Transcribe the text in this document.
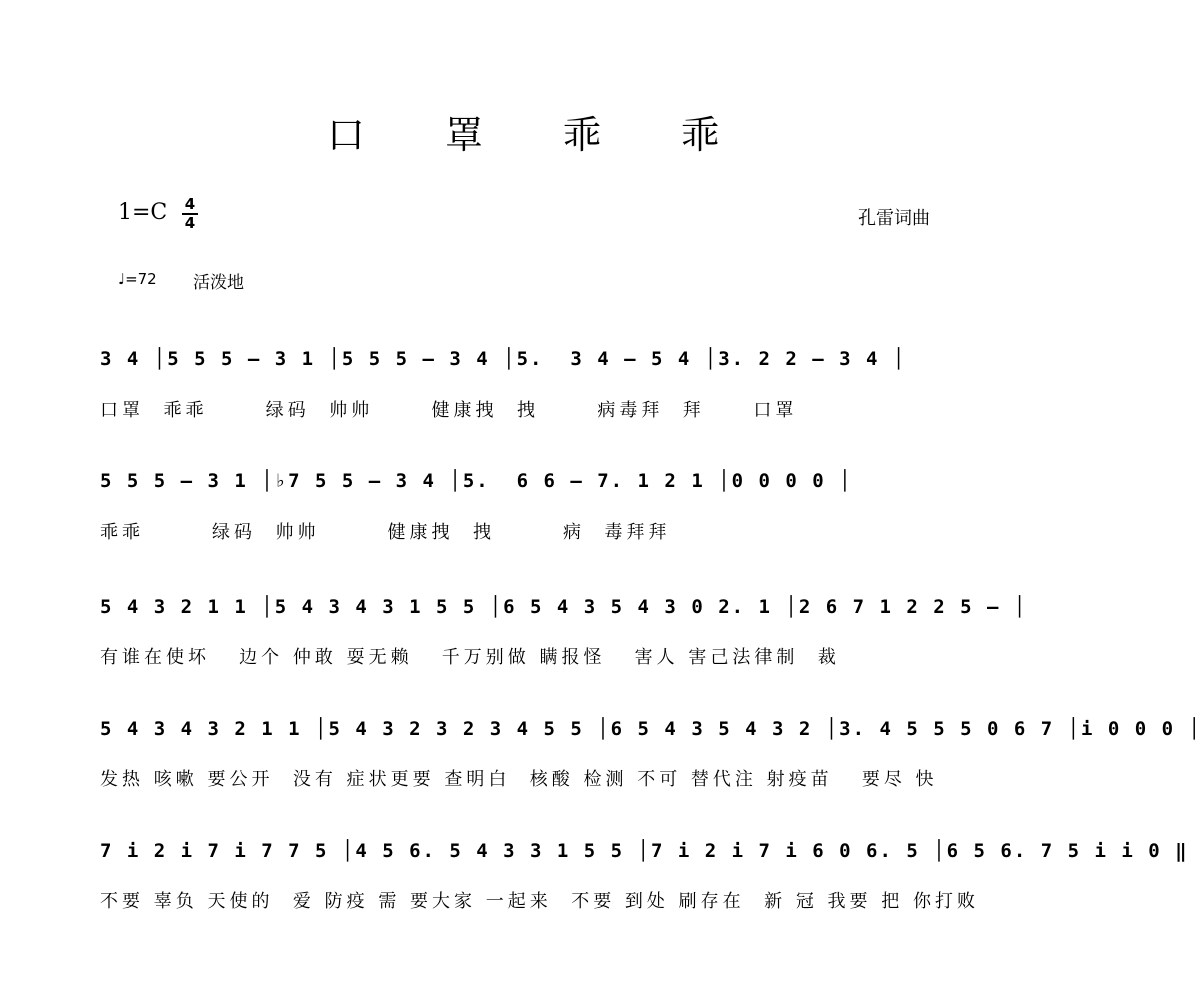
口 罩 乖 乖
1=C 4
4	孔雷词曲
♩=72 活泼地
3 4 │5 5 5 – 3 1 │5 5 5 – 3 4 │5.  3 4 – 5 4 │3. 2 2 – 3 4 │
口罩  乖乖      绿码  帅帅      健康拽  拽      病毒拜  拜     口罩
5 5 5 – 3 1 │♭7 5 5 – 3 4 │5.  6 6 – 7. 1 2 1 │0 0 0 0 │
乖乖       绿码  帅帅       健康拽  拽       病  毒拜拜
5 4 3 2 1 1 │5 4 3 4 3 1 5 5 │6 5 4 3 5 4 3 0 2. 1 │2 6 7 1 2 2 5 – │
有谁在使坏   边个 仲敢 耍无赖   千万别做 瞒报怪   害人 害己法律制  裁
5 4 3 4 3 2 1 1 │5 4 3 2 3 2 3 4 5 5 │6 5 4 3 5 4 3 2 │3. 4 5 5 5 0 6 7 │i 0 0 0 │
发热 咳嗽 要公开  没有 症状更要 查明白  核酸 检测 不可 替代注 射疫苗   要尽 快
7 i 2 i 7 i 7 7 5 │4 5 6. 5 4 3 3 1 5 5 │7 i 2 i 7 i 6 0 6. 5 │6 5 6. 7 5 i i 0 ‖
不要 辜负 天使的  爱 防疫 需 要大家 一起来  不要 到处 刷存在  新 冠 我要 把 你打败
